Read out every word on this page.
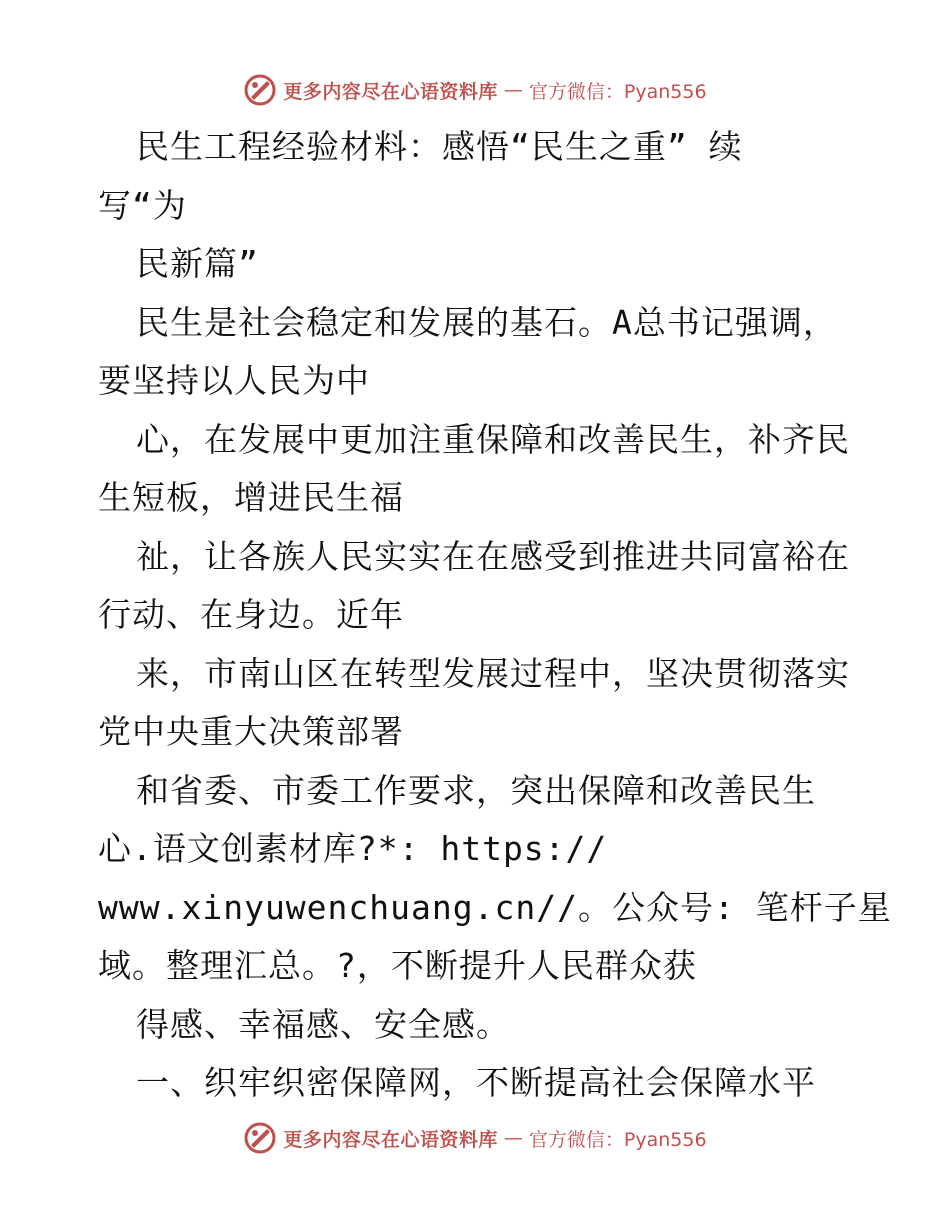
更多内容尽在心语资料库 — 官方微信：Pyan556
民生工程经验材料：感悟“民生之重” 续
写“为
民新篇”
民生是社会稳定和发展的基石。A总书记强调，
要坚持以人民为中
心，在发展中更加注重保障和改善民生，补齐民
生短板，增进民生福
祉，让各族人民实实在在感受到推进共同富裕在
行动、在身边。近年
来，市南山区在转型发展过程中，坚决贯彻落实
党中央重大决策部署
和省委、市委工作要求，突出保障和改善民生
心.语文创素材库?*: https://
www.xinyuwenchuang.cn//。公众号: 笔杆子星
域。整理汇总。?，不断提升人民群众获
得感、幸福感、安全感。
一、织牢织密保障网，不断提高社会保障水平
更多内容尽在心语资料库 — 官方微信：Pyan556
